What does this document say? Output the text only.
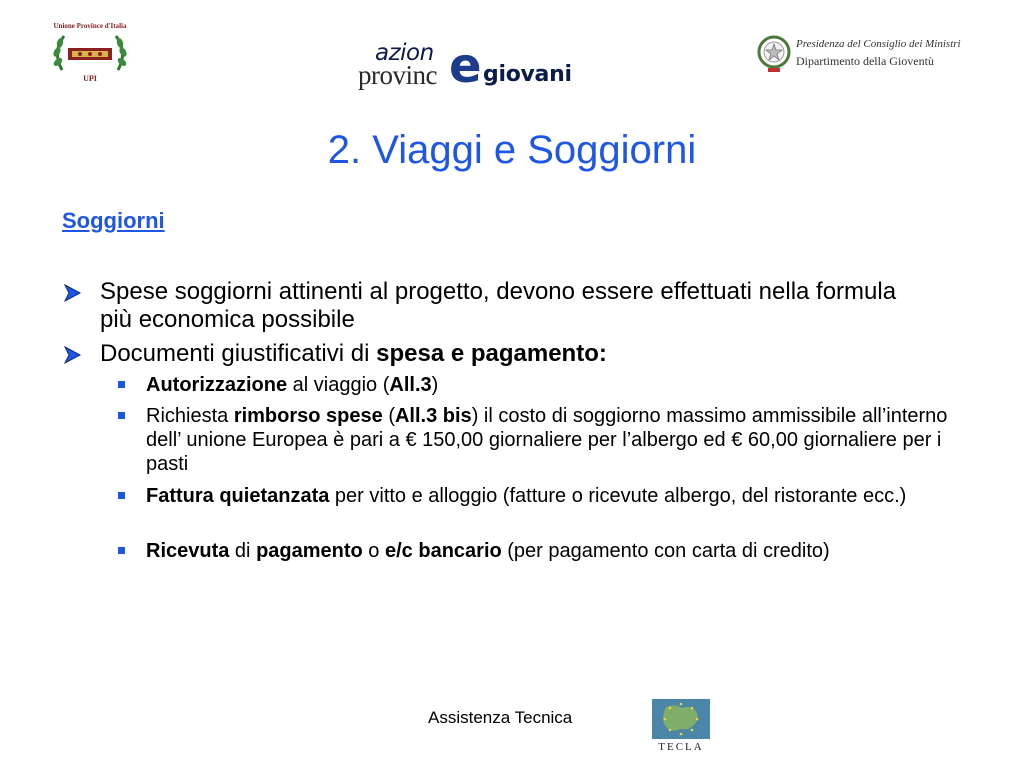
Unione Province d'Italia
UPI
azion
provinc e giovani
Presidenza del Consiglio dei Ministri
Dipartimento della Gioventù
2. Viaggi e Soggiorni
Soggiorni
Spese soggiorni attinenti al progetto, devono essere effettuati nella formula più economica possibile
Documenti giustificativi di spesa e pagamento:
Autorizzazione al viaggio (All.3)
Richiesta rimborso spese (All.3 bis) il costo di soggiorno massimo ammissibile all’interno dell’ unione Europea è pari a € 150,00 giornaliere per l’albergo ed € 60,00 giornaliere per i pasti
Fattura quietanzata per vitto e alloggio (fatture o ricevute albergo, del ristorante ecc.)
Ricevuta di pagamento o e/c bancario (per pagamento con carta di credito)
Assistenza Tecnica
TECLA
